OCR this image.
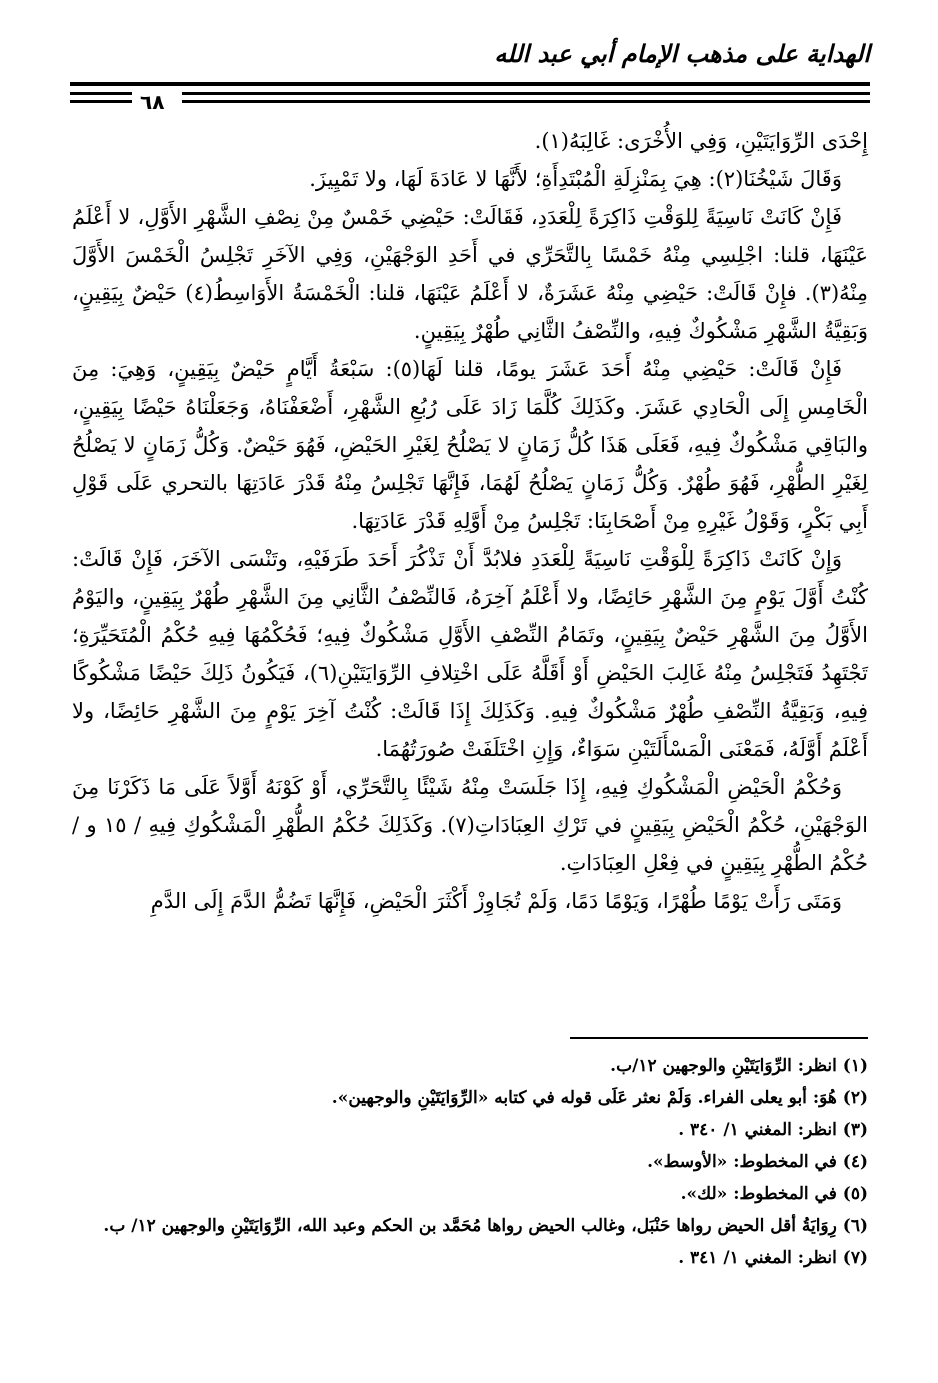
الهداية على مذهب الإمام أبي عبد الله
٦٨

إِحْدَى الرِّوَايَتَيْنِ، وَفِي الأُخْرَى: غَالِبَهُ(١).

وَقَالَ شَيْخُنَا(٢): هِيَ بِمَنْزِلَةِ الْمُبْتَدِأَةِ؛ لأَنَّهَا لا عَادَةَ لَهَا، ولا تَمْيِيزَ.

فَإِنْ كَانَتْ نَاسِيَةً لِلوَقْتِ ذَاكِرَةً لِلْعَدَدِ، فَقَالَتْ: حَيْضِي خَمْسٌ مِنْ نِصْفِ الشَّهْرِ الأَوَّلِ، لا أَعْلَمُ عَيْنَهَا، قلنا: اجْلِسِي مِنْهُ خَمْسًا بِالتَّحَرِّي في أَحَدِ الوَجْهَيْنِ، وَفِي الآخَرِ تَجْلِسُ الْخَمْسَ الأَوَّلَ مِنْهُ(٣). فإِنْ قَالَتْ: حَيْضِي مِنْهُ عَشَرَةٌ، لا أَعْلَمُ عَيْنَهَا، قلنا: الْخَمْسَةُ الأَوَاسِطُ(٤) حَيْضٌ بِيَقِينٍ، وَبَقِيَّةُ الشَّهْرِ مَشْكُوكٌ فِيهِ، والنِّصْفُ الثَّانِي طُهْرٌ بِيَقِينٍ.

فَإِنْ قَالَتْ: حَيْضِي مِنْهُ أَحَدَ عَشَرَ يومًا، قلنا لَهَا(٥): سَبْعَةُ أَيَّامٍ حَيْضٌ بِيَقِينٍ، وَهِيَ: مِنَ الْخَامِسِ إِلَى الْحَادِي عَشَرَ. وكَذَلِكَ كُلَّمَا زَادَ عَلَى رُبُعِ الشَّهْرِ، أَضْعَفْنَاهُ، وَجَعَلْنَاهُ حَيْضًا بِيَقِينٍ، والبَاقِي مَشْكُوكٌ فِيهِ، فَعَلَى هَذَا كُلُّ زَمَانٍ لا يَصْلُحُ لِغَيْرِ الحَيْضِ، فَهُوَ حَيْضٌ. وَكُلُّ زَمَانٍ لا يَصْلُحُ لِغَيْرِ الطُّهْرِ، فَهُوَ طُهْرٌ. وَكُلُّ زَمَانٍ يَصْلُحُ لَهُمَا، فَإِنَّهَا تَجْلِسُ مِنْهُ قَدْرَ عَادَتِهَا بالتحري عَلَى قَوْلِ أَبِي بَكْرٍ، وَقَوْلُ غَيْرِهِ مِنْ أَصْحَابِنَا: تَجْلِسُ مِنْ أَوَّلِهِ قَدْرَ عَادَتِهَا.

وَإِنْ كَانَتْ ذَاكِرَةً لِلْوَقْتِ نَاسِيَةً لِلْعَدَدِ فلابُدَّ أَنْ تَذْكُرَ أَحَدَ طَرَفَيْهِ، وتَنْسَى الآخَرَ، فَإِنْ قَالَتْ: كُنْتُ أَوَّلَ يَوْمٍ مِنَ الشَّهْرِ حَائِضًا، ولا أَعْلَمُ آخِرَهُ، فَالنِّصْفُ الثَّانِي مِنَ الشَّهْرِ طُهْرٌ بِيَقِينٍ، واليَوْمُ الأَوَّلُ مِنَ الشَّهْرِ حَيْضٌ بِيَقِينٍ، وتَمَامُ النِّصْفِ الأَوَّلِ مَشْكُوكٌ فِيهِ؛ فَحُكْمُهَا فِيهِ حُكْمُ الْمُتَحَيِّرَةِ؛ تَجْتَهِدُ فَتَجْلِسُ مِنْهُ غَالِبَ الحَيْضِ أَوْ أَقَلَّهُ عَلَى اخْتِلافِ الرِّوَايَتَيْنِ(٦)، فَيَكُونُ ذَلِكَ حَيْضًا مَشْكُوكًا فِيهِ، وَبَقِيَّةُ النِّصْفِ طُهْرٌ مَشْكُوكٌ فِيهِ. وَكَذَلِكَ إِذَا قَالَتْ: كُنْتُ آخِرَ يَوْمٍ مِنَ الشَّهْرِ حَائِضًا، ولا أَعْلَمُ أَوَّلَهُ، فَمَعْنَى الْمَسْأَلَتَيْنِ سَوَاءٌ، وَإِنِ اخْتَلَفَتْ صُورَتُهُمَا.

وَحُكْمُ الْحَيْضِ الْمَشْكُوكِ فِيهِ، إِذَا جَلَسَتْ مِنْهُ شَيْئًا بِالتَّحَرِّي، أَوْ كَوْنَهُ أَوَّلاً عَلَى مَا ذَكَرْنَا مِنَ الوَجْهَيْنِ، حُكْمُ الْحَيْضِ بِيَقِينٍ في تَرْكِ العِبَادَاتِ(٧). وَكَذَلِكَ حُكْمُ الطُّهْرِ الْمَشْكُوكِ فِيهِ / ١٥ و / حُكْمُ الطُّهْرِ بِيَقِينٍ في فِعْلِ العِبَادَاتِ.

وَمَتَى رَأَتْ يَوْمًا طُهْرًا، وَيَوْمًا دَمًا، وَلَمْ تُجَاوِزْ أَكْثَرَ الْحَيْضِ، فَإِنَّهَا تَضُمُّ الدَّمَ إِلَى الدَّمِ

(١) انظر: الرِّوَايَتَيْنِ والوجهين ١٢/ب.

(٢) هُوَ: أبو يعلى الفراء. وَلَمْ نعثر عَلَى قوله في كتابه «الرِّوَايَتَيْنِ والوجهين».

(٣) انظر: المغني ١/ ٣٤٠ .

(٤) في المخطوط: «الأوسط».

(٥) في المخطوط: «لك».

(٦) رِوَايَةُ أقل الحيض رواها حَنْبَل، وغالب الحيض رواها مُحَمَّد بن الحكم وعبد الله، الرِّوَايَتَيْنِ والوجهين ١٢/ ب.

(٧) انظر: المغني ١/ ٣٤١ .
